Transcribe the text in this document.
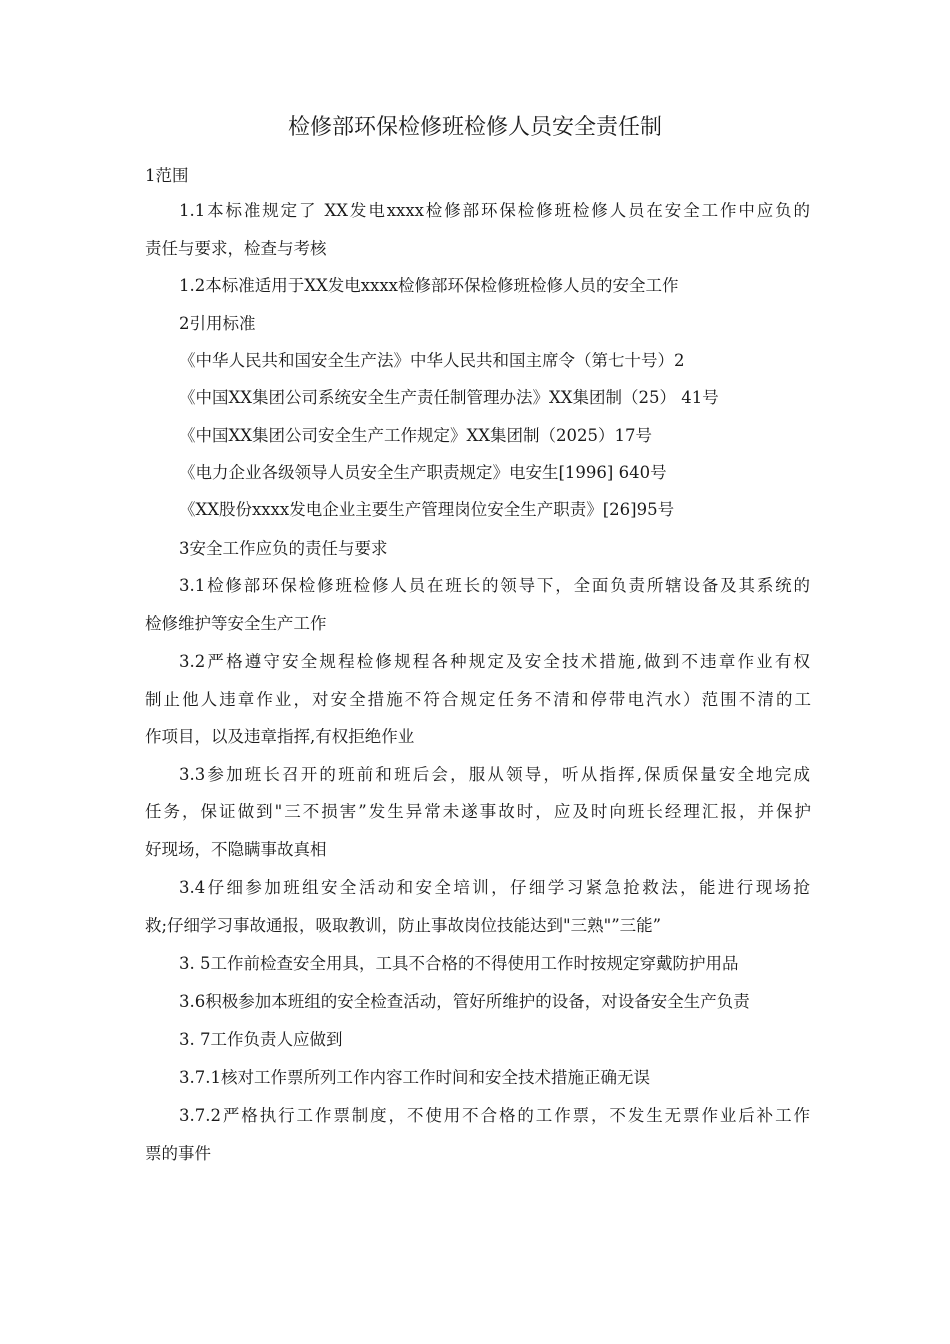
检修部环保检修班检修人员安全责任制
1范围
1.1本标准规定了 XX发电xxxx检修部环保检修班检修人员在安全工作中应负的
责任与要求，检查与考核
1.2本标准适用于XX发电xxxx检修部环保检修班检修人员的安全工作
2引用标准
《中华人民共和国安全生产法》中华人民共和国主席令（第七十号）2
《中国XX集团公司系统安全生产责任制管理办法》XX集团制（25） 41号
《中国XX集团公司安全生产工作规定》XX集团制（2025）17号
《电力企业各级领导人员安全生产职责规定》电安生[1996] 640号
《XX股份xxxx发电企业主要生产管理岗位安全生产职责》[26]95号
3安全工作应负的责任与要求
3.1检修部环保检修班检修人员在班长的领导下，全面负责所辖设备及其系统的
检修维护等安全生产工作
3.2严格遵守安全规程检修规程各种规定及安全技术措施,做到不违章作业有权
制止他人违章作业，对安全措施不符合规定任务不清和停带电汽水）范围不清的工
作项目，以及违章指挥,有权拒绝作业
3.3参加班长召开的班前和班后会，服从领导，听从指挥,保质保量安全地完成
任务，保证做到"三不损害”发生异常未遂事故时，应及时向班长经理汇报，并保护
好现场，不隐瞒事故真相
3.4仔细参加班组安全活动和安全培训，仔细学习紧急抢救法，能进行现场抢
救;仔细学习事故通报，吸取教训，防止事故岗位技能达到"三熟"”三能”
3. 5工作前检查安全用具，工具不合格的不得使用工作时按规定穿戴防护用品
3.6积极参加本班组的安全检查活动，管好所维护的设备，对设备安全生产负责
3. 7工作负责人应做到
3.7.1核对工作票所列工作内容工作时间和安全技术措施正确无误
3.7.2严格执行工作票制度，不使用不合格的工作票，不发生无票作业后补工作
票的事件
